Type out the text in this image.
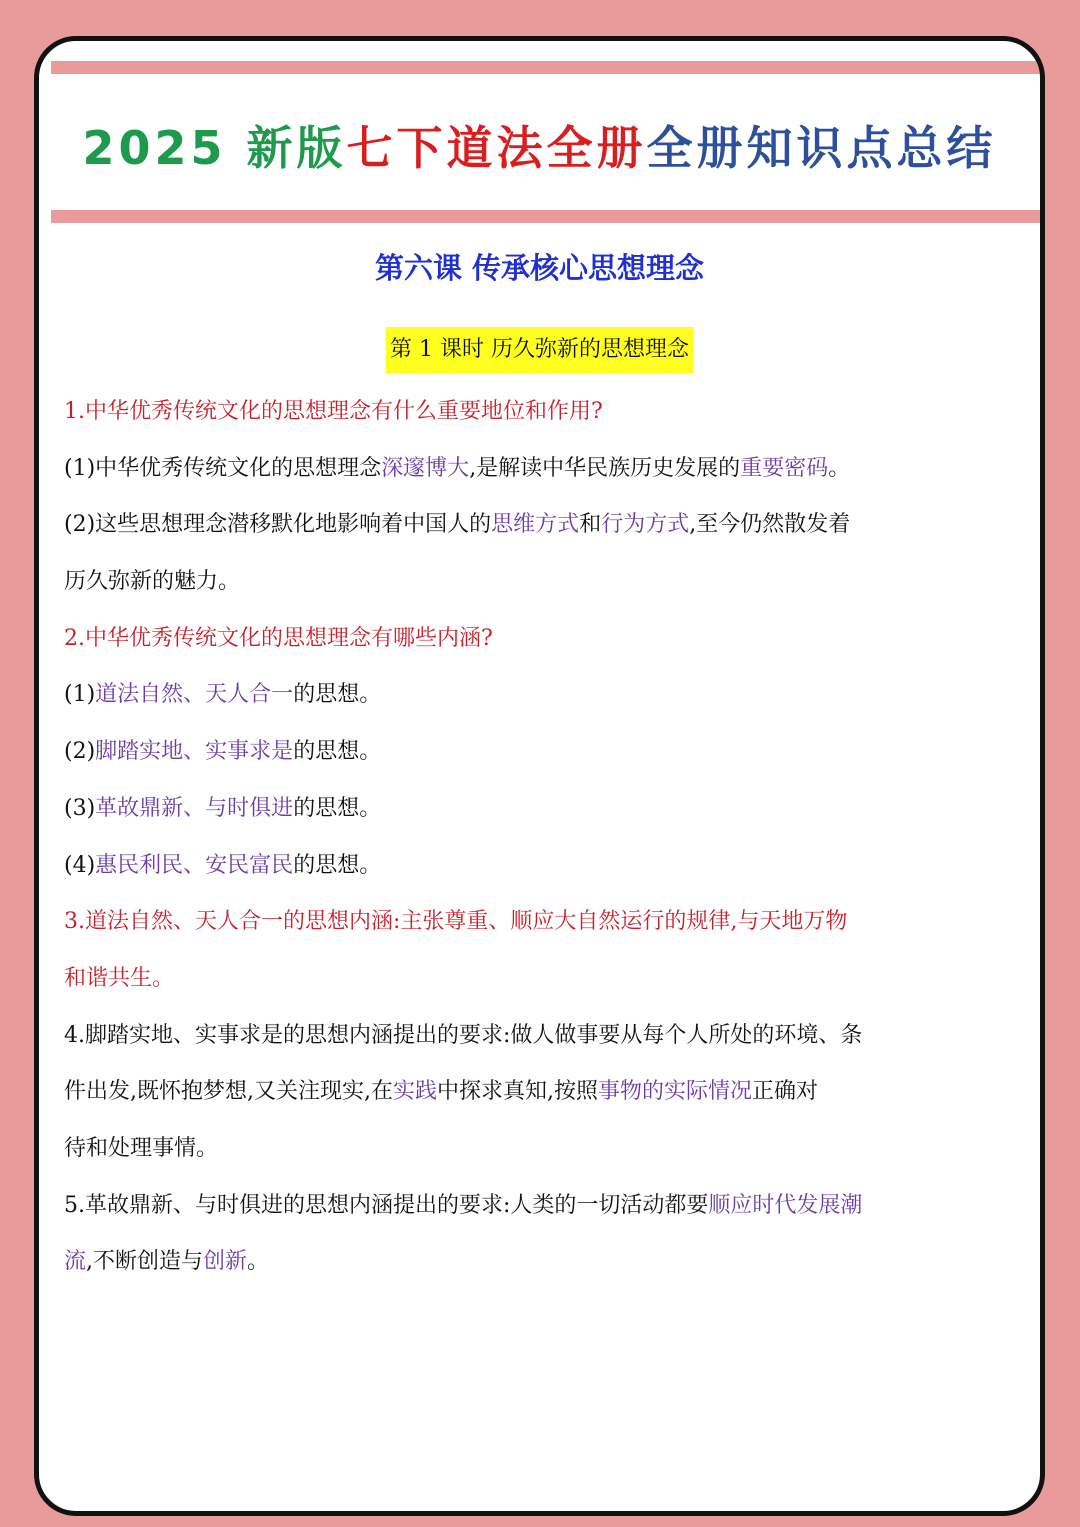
2025 新版七下道法全册全册知识点总结
第六课 传承核心思想理念
第 1 课时 历久弥新的思想理念
1.中华优秀传统文化的思想理念有什么重要地位和作用?
(1)中华优秀传统文化的思想理念深邃博大,是解读中华民族历史发展的重要密码。
(2)这些思想理念潜移默化地影响着中国人的思维方式和行为方式,至今仍然散发着
历久弥新的魅力。
2.中华优秀传统文化的思想理念有哪些内涵?
(1)道法自然、天人合一的思想。
(2)脚踏实地、实事求是的思想。
(3)革故鼎新、与时俱进的思想。
(4)惠民利民、安民富民的思想。
3.道法自然、天人合一的思想内涵:主张尊重、顺应大自然运行的规律,与天地万物
和谐共生。
4.脚踏实地、实事求是的思想内涵提出的要求:做人做事要从每个人所处的环境、条
件出发,既怀抱梦想,又关注现实,在实践中探求真知,按照事物的实际情况正确对
待和处理事情。
5.革故鼎新、与时俱进的思想内涵提出的要求:人类的一切活动都要顺应时代发展潮
流,不断创造与创新。
